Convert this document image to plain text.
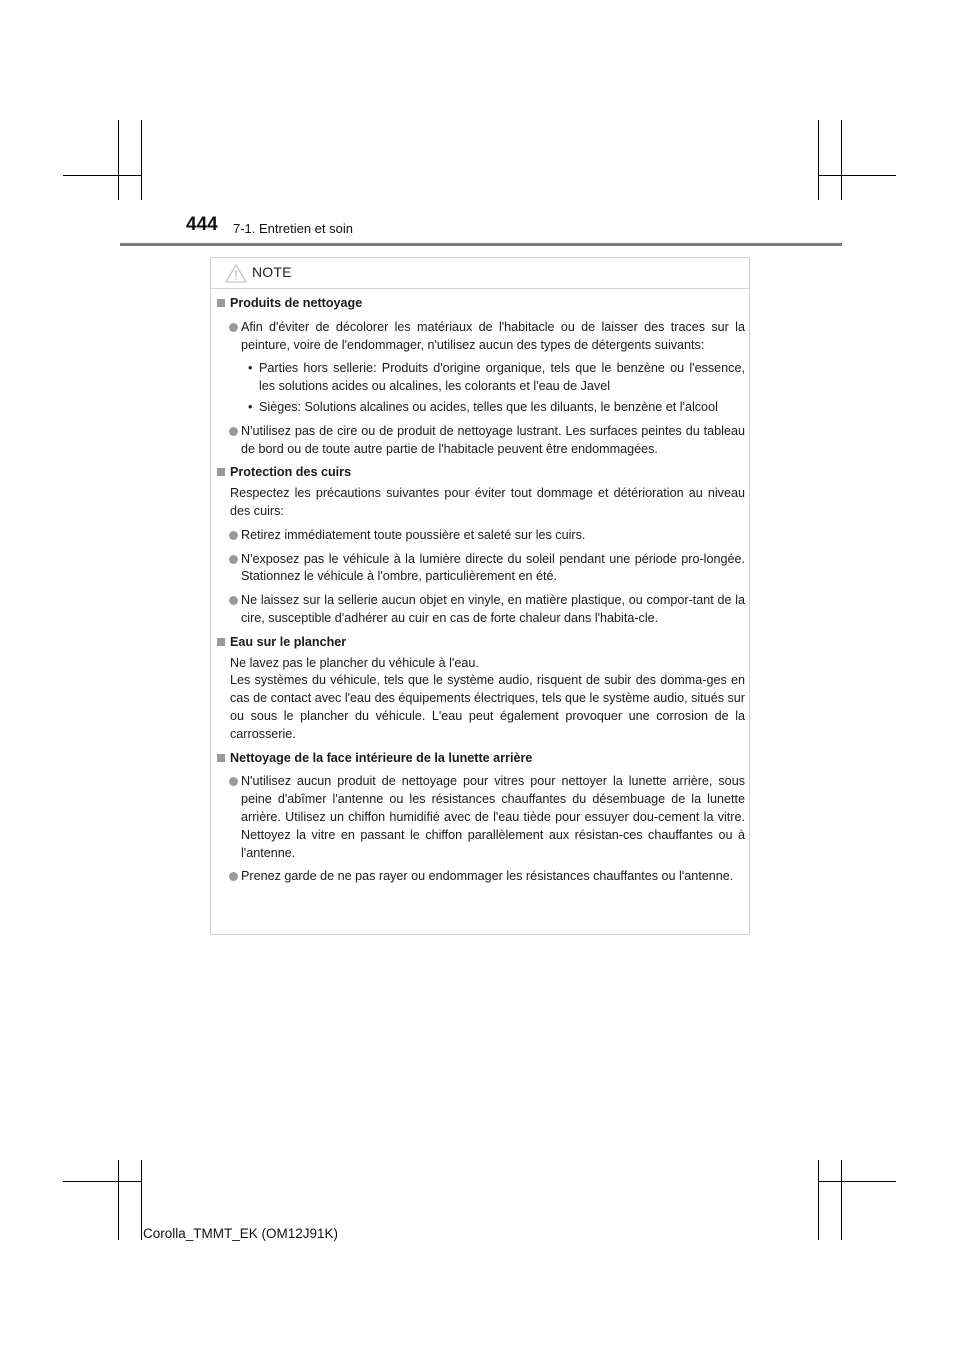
444 7-1. Entretien et soin
NOTE
Produits de nettoyage
Afin d'éviter de décolorer les matériaux de l'habitacle ou de laisser des traces sur la peinture, voire de l'endommager, n'utilisez aucun des types de détergents suivants:
• Parties hors sellerie: Produits d'origine organique, tels que le benzène ou l'essence, les solutions acides ou alcalines, les colorants et l'eau de Javel
• Sièges: Solutions alcalines ou acides, telles que les diluants, le benzène et l'alcool
N'utilisez pas de cire ou de produit de nettoyage lustrant. Les surfaces peintes du tableau de bord ou de toute autre partie de l'habitacle peuvent être endommagées.
Protection des cuirs
Respectez les précautions suivantes pour éviter tout dommage et détérioration au niveau des cuirs:
Retirez immédiatement toute poussière et saleté sur les cuirs.
N'exposez pas le véhicule à la lumière directe du soleil pendant une période pro-longée. Stationnez le véhicule à l'ombre, particulièrement en été.
Ne laissez sur la sellerie aucun objet en vinyle, en matière plastique, ou compor-tant de la cire, susceptible d'adhérer au cuir en cas de forte chaleur dans l'habita-cle.
Eau sur le plancher
Ne lavez pas le plancher du véhicule à l'eau.
Les systèmes du véhicule, tels que le système audio, risquent de subir des domma-ges en cas de contact avec l'eau des équipements électriques, tels que le système audio, situés sur ou sous le plancher du véhicule. L'eau peut également provoquer une corrosion de la carrosserie.
Nettoyage de la face intérieure de la lunette arrière
N'utilisez aucun produit de nettoyage pour vitres pour nettoyer la lunette arrière, sous peine d'abîmer l'antenne ou les résistances chauffantes du désembuage de la lunette arrière. Utilisez un chiffon humidifié avec de l'eau tiède pour essuyer dou-cement la vitre. Nettoyez la vitre en passant le chiffon parallèlement aux résistan-ces chauffantes ou à l'antenne.
Prenez garde de ne pas rayer ou endommager les résistances chauffantes ou l'antenne.
Corolla_TMMT_EK (OM12J91K)
